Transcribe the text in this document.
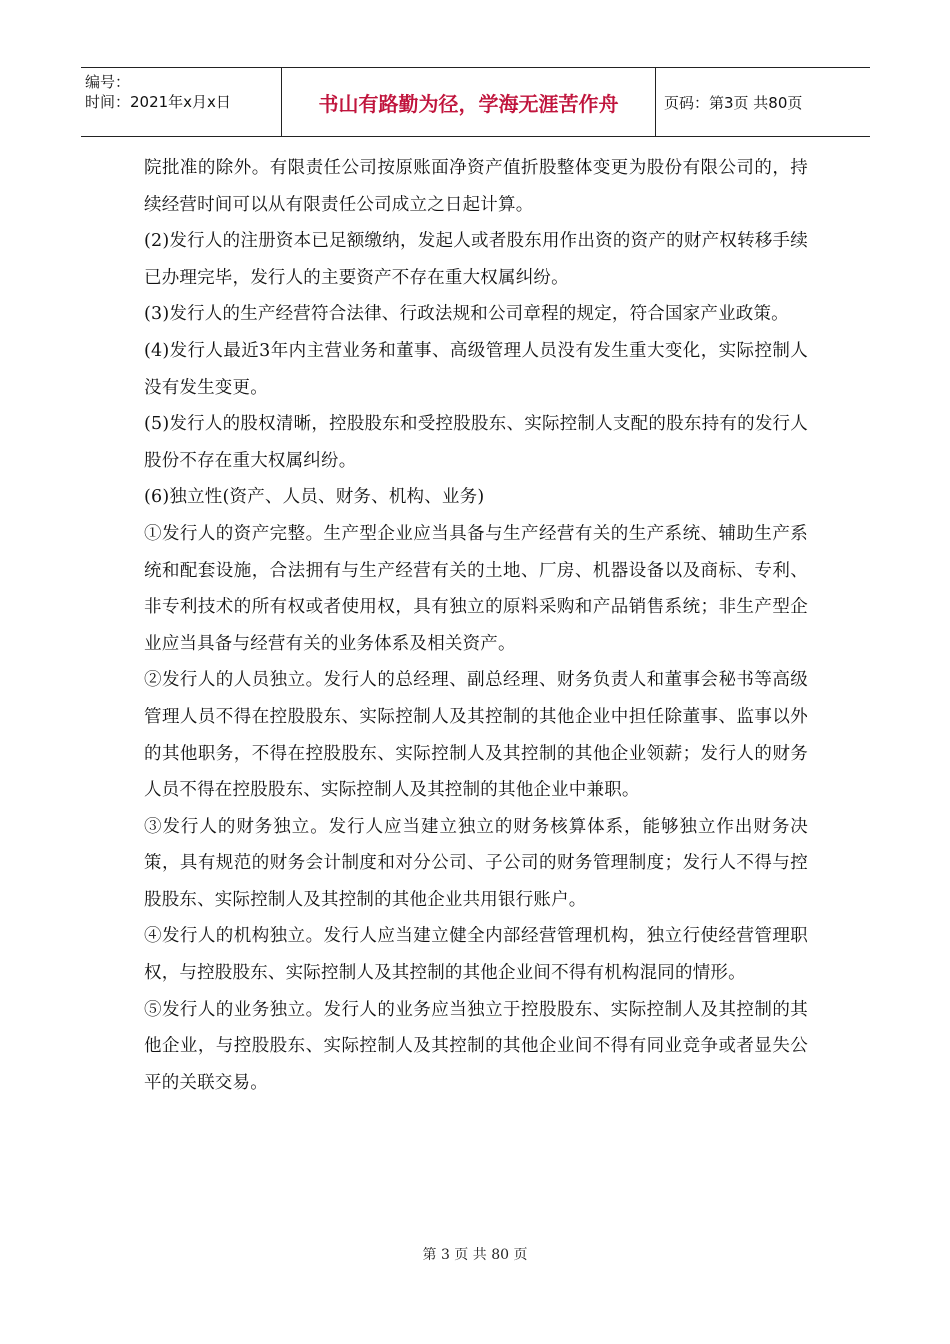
编号：
时间：2021年x月x日	书山有路勤为径，学海无涯苦作舟	页码：第3页 共80页

院批准的除外。有限责任公司按原账面净资产值折股整体变更为股份有限公司的，持续经营时间可以从有限责任公司成立之日起计算。

(2)发行人的注册资本已足额缴纳，发起人或者股东用作出资的资产的财产权转移手续已办理完毕，发行人的主要资产不存在重大权属纠纷。

(3)发行人的生产经营符合法律、行政法规和公司章程的规定，符合国家产业政策。

(4)发行人最近3年内主营业务和董事、高级管理人员没有发生重大变化，实际控制人没有发生变更。

(5)发行人的股权清晰，控股股东和受控股股东、实际控制人支配的股东持有的发行人股份不存在重大权属纠纷。

(6)独立性(资产、人员、财务、机构、业务)

①发行人的资产完整。生产型企业应当具备与生产经营有关的生产系统、辅助生产系统和配套设施，合法拥有与生产经营有关的土地、厂房、机器设备以及商标、专利、非专利技术的所有权或者使用权，具有独立的原料采购和产品销售系统；非生产型企业应当具备与经营有关的业务体系及相关资产。

②发行人的人员独立。发行人的总经理、副总经理、财务负责人和董事会秘书等高级管理人员不得在控股股东、实际控制人及其控制的其他企业中担任除董事、监事以外的其他职务，不得在控股股东、实际控制人及其控制的其他企业领薪；发行人的财务人员不得在控股股东、实际控制人及其控制的其他企业中兼职。

③发行人的财务独立。发行人应当建立独立的财务核算体系，能够独立作出财务决策，具有规范的财务会计制度和对分公司、子公司的财务管理制度；发行人不得与控股股东、实际控制人及其控制的其他企业共用银行账户。

④发行人的机构独立。发行人应当建立健全内部经营管理机构，独立行使经营管理职权，与控股股东、实际控制人及其控制的其他企业间不得有机构混同的情形。

⑤发行人的业务独立。发行人的业务应当独立于控股股东、实际控制人及其控制的其他企业，与控股股东、实际控制人及其控制的其他企业间不得有同业竞争或者显失公平的关联交易。

第 3 页 共 80 页
